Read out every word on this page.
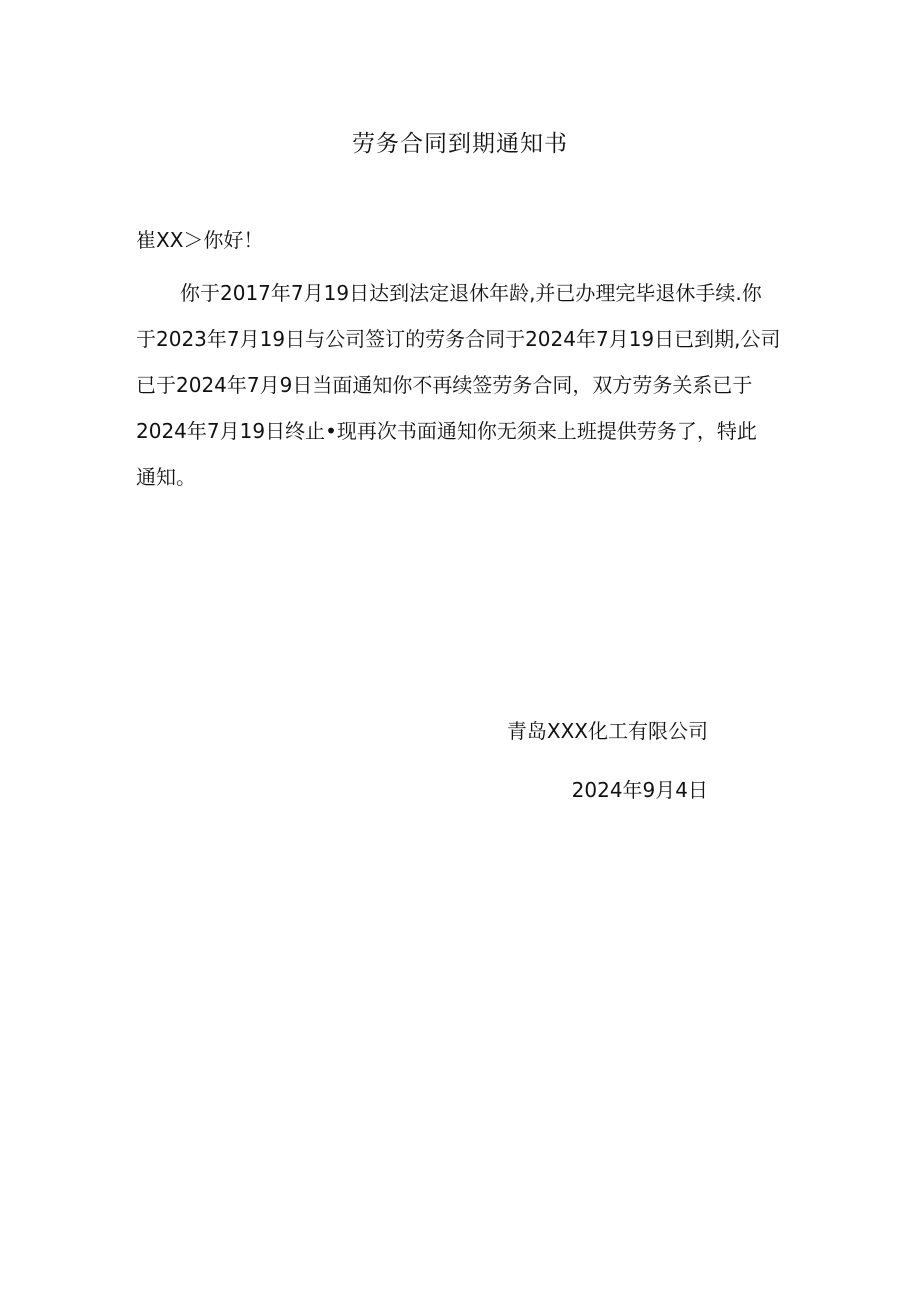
劳务合同到期通知书

崔XX＞你好！

你于2017年7月19日达到法定退休年龄,并已办理完毕退休手续.你
于2023年7月19日与公司签订的劳务合同于2024年7月19日已到期,公司
已于2024年7月9日当面通知你不再续签劳务合同，双方劳务关系已于
2024年7月19日终止•现再次书面通知你无须来上班提供劳务了，特此
通知。

青岛XXX化工有限公司

2024年9月4日
